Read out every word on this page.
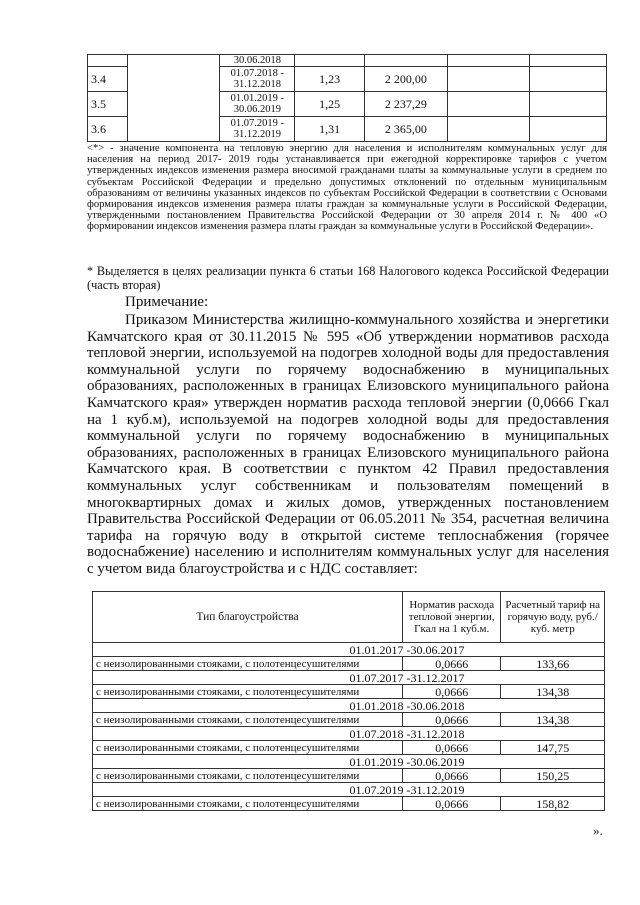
		30.06.2018				
3.4		01.07.2018 -
31.12.2018	1,23	2 200,00		
3.5		01.01.2019 -
30.06.2019	1,25	2 237,29		
3.6		01.07.2019 -
31.12.2019	1,31	2 365,00		

<*> - значение компонента на тепловую энергию для населения и исполнителям коммунальных услуг для населения на период 2017- 2019 годы устанавливается при ежегодной корректировке тарифов с учетом утвержденных индексов изменения размера вносимой гражданами платы за коммунальные услуги в среднем по субъектам Российской Федерации и предельно допустимых отклонений по отдельным муниципальным образованиям от величины указанных индексов по субъектам Российской Федерации в соответствии с Основами формирования индексов изменения размера платы граждан за коммунальные услуги в Российской Федерации, утвержденными постановлением Правительства Российской Федерации от 30 апреля 2014 г. № 400 «О формировании индексов изменения размера платы граждан за коммунальные услуги в Российской Федерации».

* Выделяется в целях реализации пункта 6 статьи 168 Налогового кодекса Российской Федерации (часть вторая)

Примечание:

Приказом Министерства жилищно-коммунального хозяйства и энергетики Камчатского края от 30.11.2015 № 595 «Об утверждении нормативов расхода тепловой энергии, используемой на подогрев холодной воды для предоставления коммунальной услуги по горячему водоснабжению в муниципальных образованиях, расположенных в границах Елизовского муниципального района Камчатского края» утвержден норматив расхода тепловой энергии (0,0666 Гкал на 1 куб.м), используемой на подогрев холодной воды для предоставления коммунальной услуги по горячему водоснабжению в муниципальных образованиях, расположенных в границах Елизовского муниципального района Камчатского края. В соответствии с пунктом 42 Правил предоставления коммунальных услуг собственникам и пользователям помещений в многоквартирных домах и жилых домов, утвержденных постановлением Правительства Российской Федерации от 06.05.2011 № 354, расчетная величина тарифа на горячую воду в открытой системе теплоснабжения (горячее водоснабжение) населению и исполнителям коммунальных услуг для населения с учетом вида благоустройства и с НДС составляет:

Тип благоустройства	Норматив расхода тепловой энергии, Гкал на 1 куб.м.	Расчетный тариф на горячую воду, руб./куб. метр
01.01.2017 -30.06.2017		
с неизолированными стояками, с полотенцесушителями	0,0666	133,66
01.07.2017 -31.12.2017		
с неизолированными стояками, с полотенцесушителями	0,0666	134,38
01.01.2018 -30.06.2018		
с неизолированными стояками, с полотенцесушителями	0,0666	134,38
01.07.2018 -31.12.2018		
с неизолированными стояками, с полотенцесушителями	0,0666	147,75
01.01.2019 -30.06.2019		
с неизолированными стояками, с полотенцесушителями	0,0666	150,25
01.07.2019 -31.12.2019		
с неизолированными стояками, с полотенцесушителями	0,0666	158,82
».
